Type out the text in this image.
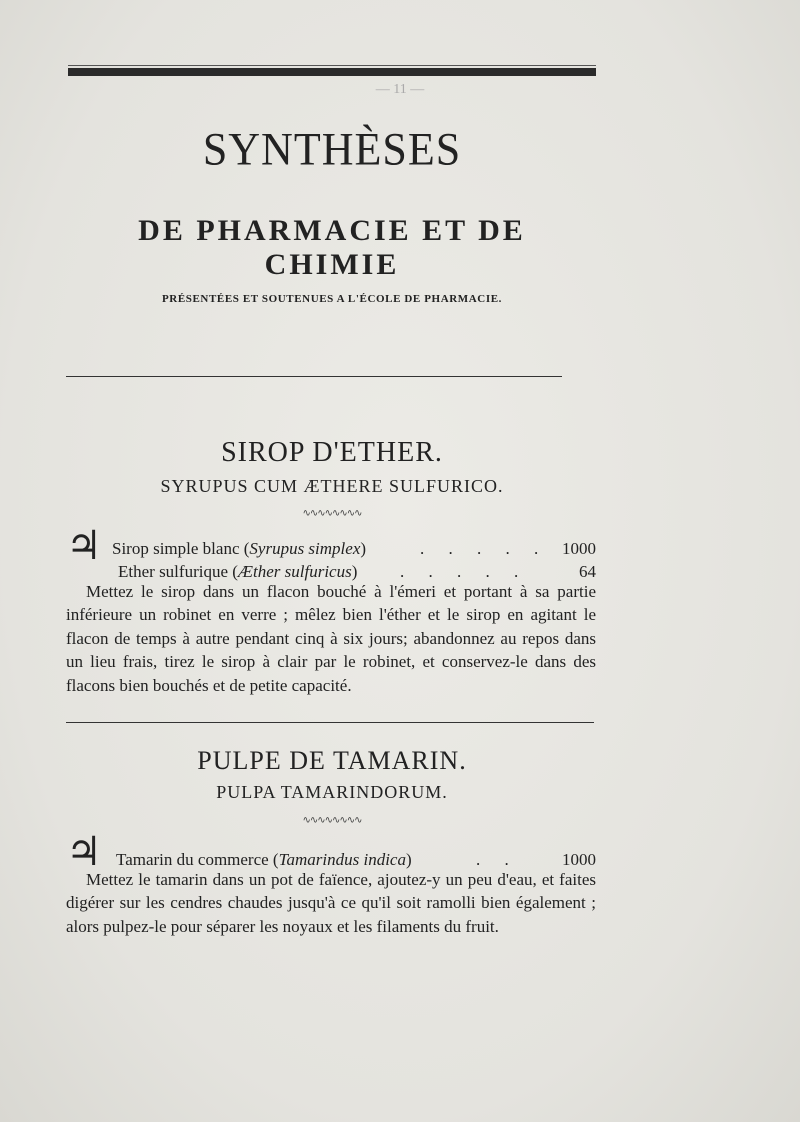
— 11 —
SYNTHÈSES
DE PHARMACIE ET DE CHIMIE
PRÉSENTÉES ET SOUTENUES A L'ÉCOLE DE PHARMACIE.
SIROP D'ETHER.
SYRUPUS CUM ÆTHERE SULFURICO.
∿∿∿∿∿∿∿∿
♃ Sirop simple blanc (Syrupus simplex)	. . . . . 1000
Ether sulfurique (Æther sulfuricus)	. . . . .	64
Mettez le sirop dans un flacon bouché à l'émeri et portant à sa partie inférieure un robinet en verre ; mêlez bien l'éther et le sirop en agitant le flacon de temps à autre pendant cinq à six jours; abandonnez au repos dans un lieu frais, tirez le sirop à clair par le robinet, et conservez-le dans des flacons bien bouchés et de petite capacité.
PULPE DE TAMARIN.
PULPA TAMARINDORUM.
∿∿∿∿∿∿∿∿
♃ Tamarin du commerce (Tamarindus indica)	. .	1000
Mettez le tamarin dans un pot de faïence, ajoutez-y un peu d'eau, et faites digérer sur les cendres chaudes jusqu'à ce qu'il soit ramolli bien également ; alors pulpez-le pour séparer les noyaux et les filaments du fruit.
